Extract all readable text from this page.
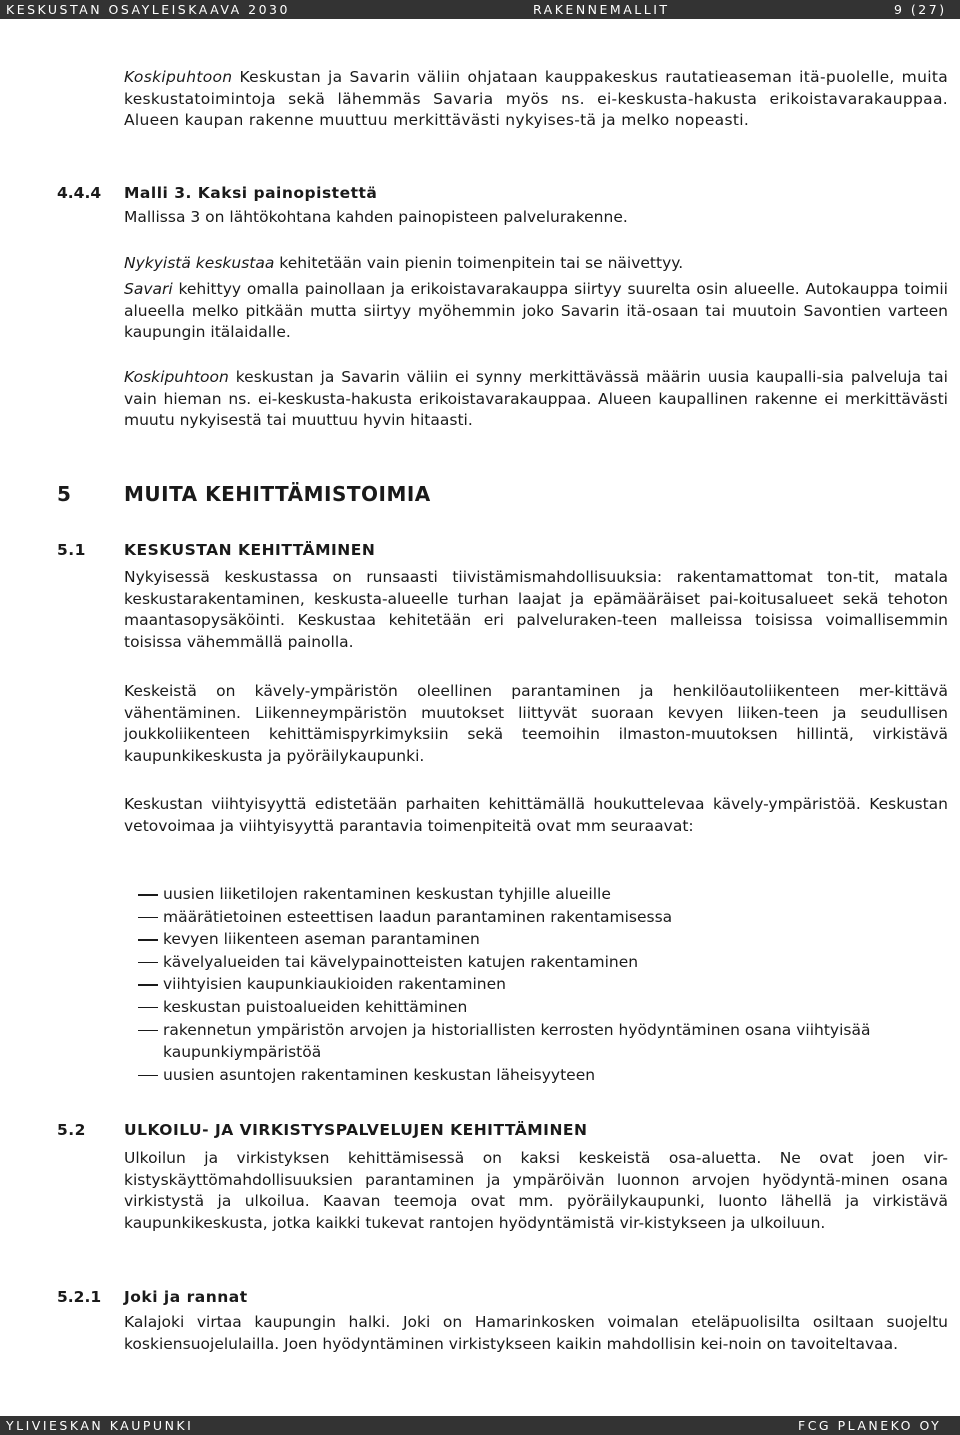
KESKUSTAN OSAYLEISKAAVA 2030	RAKENNEMALLIT	9 (27)

Koskipuhtoon Keskustan ja Savarin väliin ohjataan kauppakeskus rautatieaseman itä-puolelle, muita keskustatoimintoja sekä lähemmäs Savaria myös ns. ei-keskusta-hakusta erikoistavarakauppaa. Alueen kaupan rakenne muuttuu merkittävästi nykyises-tä ja melko nopeasti.

4.4.4 Malli 3. Kaksi painopistettä

Mallissa 3 on lähtökohtana kahden painopisteen palvelurakenne.

Nykyistä keskustaa kehitetään vain pienin toimenpitein tai se näivettyy.

Savari kehittyy omalla painollaan ja erikoistavarakauppa siirtyy suurelta osin alueelle. Autokauppa toimii alueella melko pitkään mutta siirtyy myöhemmin joko Savarin itä-osaan tai muutoin Savontien varteen kaupungin itälaidalle.

Koskipuhtoon keskustan ja Savarin väliin ei synny merkittävässä määrin uusia kaupalli-sia palveluja tai vain hieman ns. ei-keskusta-hakusta erikoistavarakauppaa. Alueen kaupallinen rakenne ei merkittävästi muutu nykyisestä tai muuttuu hyvin hitaasti.

5	MUITA KEHITTÄMISTOIMIA

5.1 KESKUSTAN KEHITTÄMINEN

Nykyisessä keskustassa on runsaasti tiivistämismahdollisuuksia: rakentamattomat ton-tit, matala keskustarakentaminen, keskusta-alueelle turhan laajat ja epämääräiset pai-koitusalueet sekä tehoton maantasopysäköinti. Keskustaa kehitetään eri palveluraken-teen malleissa toisissa voimallisemmin toisissa vähemmällä painolla.

Keskeistä on kävely-ympäristön oleellinen parantaminen ja henkilöautoliikenteen mer-kittävä vähentäminen. Liikenneympäristön muutokset liittyvät suoraan kevyen liiken-teen ja seudullisen joukkoliikenteen kehittämispyrkimyksiin sekä teemoihin ilmaston-muutoksen hillintä, virkistävä kaupunkikeskusta ja pyöräilykaupunki.

Keskustan viihtyisyyttä edistetään parhaiten kehittämällä houkuttelevaa kävely-ympäristöä. Keskustan vetovoimaa ja viihtyisyyttä parantavia toimenpiteitä ovat mm seuraavat:

uusien liiketilojen rakentaminen keskustan tyhjille alueille
määrätietoinen esteettisen laadun parantaminen rakentamisessa
kevyen liikenteen aseman parantaminen
kävelyalueiden tai kävelypainotteisten katujen rakentaminen
viihtyisien kaupunkiaukioiden rakentaminen
keskustan puistoalueiden kehittäminen
rakennetun ympäristön arvojen ja historiallisten kerrosten hyödyntäminen osana viihtyisää kaupunkiympäristöä
uusien asuntojen rakentaminen keskustan läheisyyteen

5.2 ULKOILU- JA VIRKISTYSPALVELUJEN KEHITTÄMINEN

Ulkoilun ja virkistyksen kehittämisessä on kaksi keskeistä osa-aluetta. Ne ovat joen vir-kistyskäyttömahdollisuuksien parantaminen ja ympäröivän luonnon arvojen hyödyntä-minen osana virkistystä ja ulkoilua. Kaavan teemoja ovat mm. pyöräilykaupunki, luonto lähellä ja virkistävä kaupunkikeskusta, jotka kaikki tukevat rantojen hyödyntämistä vir-kistykseen ja ulkoiluun.

5.2.1 Joki ja rannat

Kalajoki virtaa kaupungin halki. Joki on Hamarinkosken voimalan eteläpuolisilta osiltaan suojeltu koskiensuojelulailla. Joen hyödyntäminen virkistykseen kaikin mahdollisin kei-noin on tavoiteltavaa.

YLIVIESKAN KAUPUNKI	FCG PLANEKO OY
